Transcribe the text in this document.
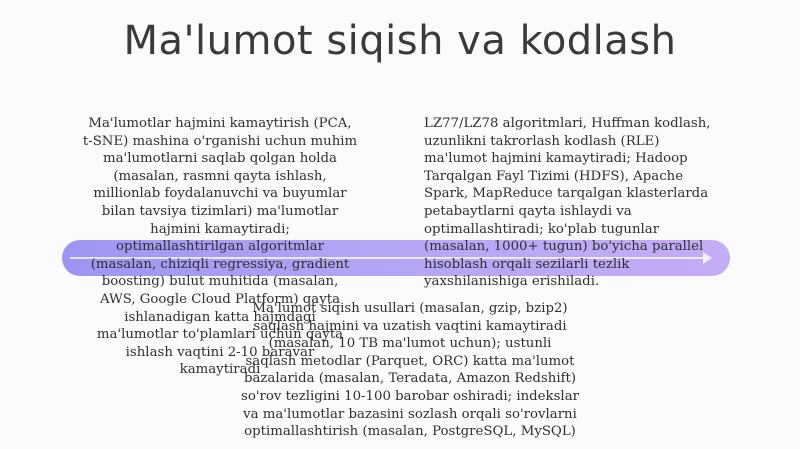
Ma'lumot siqish va kodlash
Ma'lumotlar hajmini kamaytirish (PCA,
t-SNE) mashina o'rganishi uchun muhim
ma'lumotlarni saqlab qolgan holda
(masalan, rasmni qayta ishlash,
millionlab foydalanuvchi va buyumlar
bilan tavsiya tizimlari) ma'lumotlar
hajmini kamaytiradi;
optimallashtirilgan algoritmlar
(masalan, chiziqli regressiya, gradient
boosting) bulut muhitida (masalan,
AWS, Google Cloud Platform) qayta
ishlanadigan katta hajmdagi
ma'lumotlar to'plamlari uchun qayta
ishlash vaqtini 2-10 baravar
kamaytiradi
LZ77/LZ78 algoritmlari, Huffman kodlash,
uzunlikni takrorlash kodlash (RLE)
ma'lumot hajmini kamaytiradi; Hadoop
Tarqalgan Fayl Tizimi (HDFS), Apache
Spark, MapReduce tarqalgan klasterlarda
petabaytlarni qayta ishlaydi va
optimallashtiradi; ko'plab tugunlar
(masalan, 1000+ tugun) bo'yicha parallel
hisoblash orqali sezilarli tezlik
yaxshilanishiga erishiladi.
Ma'lumot siqish usullari (masalan, gzip, bzip2)
saqlash hajmini va uzatish vaqtini kamaytiradi
(masalan, 10 TB ma'lumot uchun); ustunli
saqlash metodlar (Parquet, ORC) katta ma'lumot
bazalarida (masalan, Teradata, Amazon Redshift)
so'rov tezligini 10-100 barobar oshiradi; indekslar
va ma'lumotlar bazasini sozlash orqali so'rovlarni
optimallashtirish (masalan, PostgreSQL, MySQL)
